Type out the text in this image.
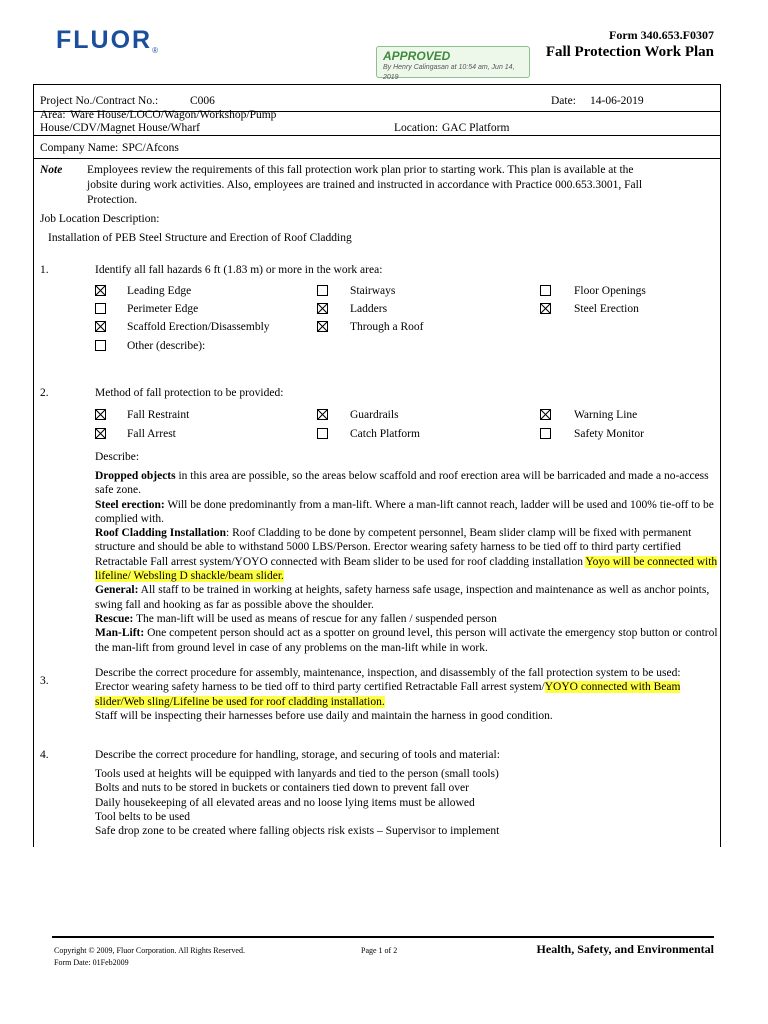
FLUOR®	APPROVED
By Henry Calingasan at 10:54 am, Jun 14, 2019
Form 340.653.F0307
Fall Protection Work Plan
Project No./Contract No.:	C006	Date: 14-06-2019
Area: Ware House/LOCO/Wagon/Workshop/Pump
House/CDV/Magnet House/Wharf	Location: GAC Platform
Company Name: SPC/Afcons
Note Employees review the requirements of this fall protection work plan prior to starting work. This plan is available at the
jobsite during work activities. Also, employees are trained and instructed in accordance with Practice 000.653.3001, Fall
Protection.
Job Location Description:
Installation of PEB Steel Structure and Erection of Roof Cladding
1.	Identify all fall hazards 6 ft (1.83 m) or more in the work area:
Leading Edge	Stairways	Floor Openings
Perimeter Edge	Ladders	Steel Erection
Scaffold Erection/Disassembly	Through a Roof
Other (describe):
2.	Method of fall protection to be provided:
Fall Restraint	Guardrails	Warning Line
Fall Arrest	Catch Platform	Safety Monitor
Describe:
Dropped objects in this area are possible, so the areas below scaffold and roof erection area will be barricaded and made a no-access safe zone.
Steel erection: Will be done predominantly from a man-lift. Where a man-lift cannot reach, ladder will be used and 100% tie-off to be complied with.
Roof Cladding Installation: Roof Cladding to be done by competent personnel, Beam slider clamp will be fixed with permanent structure and should be able to withstand 5000 LBS/Person. Erector wearing safety harness to be tied off to third party certified Retractable Fall arrest system/YOYO connected with Beam slider to be used for roof cladding installation Yoyo will be connected with lifeline/ Websling D shackle/beam slider.
General: All staff to be trained in working at heights, safety harness safe usage, inspection and maintenance as well as anchor points, swing fall and hooking as far as possible above the shoulder.
Rescue: The man-lift will be used as means of rescue for any fallen / suspended person
Man-Lift: One competent person should act as a spotter on ground level, this person will activate the emergency stop button or control the man-lift from ground level in case of any problems on the man-lift while in work.
3.
Describe the correct procedure for assembly, maintenance, inspection, and disassembly of the fall protection system to be used:
Erector wearing safety harness to be tied off to third party certified Retractable Fall arrest system/YOYO connected with Beam slider/Web sling/Lifeline be used for roof cladding installation.
Staff will be inspecting their harnesses before use daily and maintain the harness in good condition.
4.	Describe the correct procedure for handling, storage, and securing of tools and material:
Tools used at heights will be equipped with lanyards and tied to the person (small tools)
Bolts and nuts to be stored in buckets or containers tied down to prevent fall over
Daily housekeeping of all elevated areas and no loose lying items must be allowed
Tool belts to be used
Safe drop zone to be created where falling objects risk exists – Supervisor to implement
Copyright © 2009, Fluor Corporation. All Rights Reserved.
Form Date: 01Feb2009
Page 1 of 2	Health, Safety, and Environmental
